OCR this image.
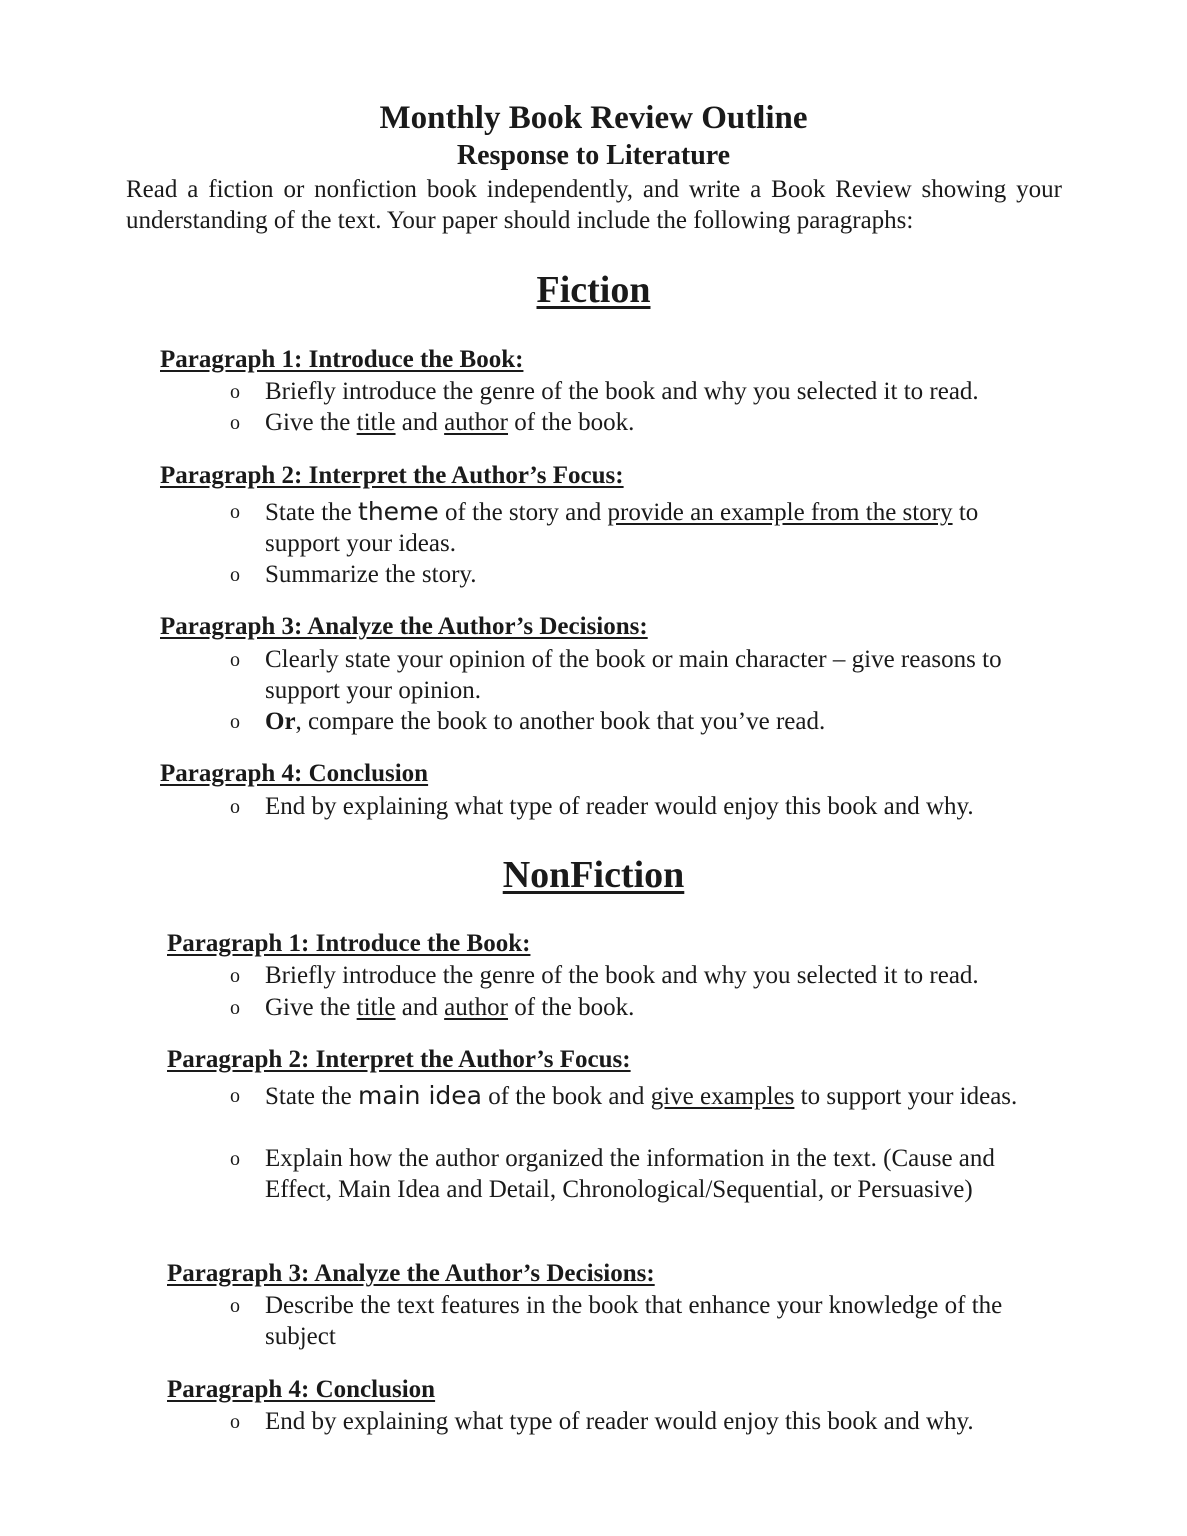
Monthly Book Review Outline
Response to Literature
Read a fiction or nonfiction book independently, and write a Book Review showing your understanding of the text. Your paper should include the following paragraphs:
Fiction
Paragraph 1: Introduce the Book:
o	Briefly introduce the genre of the book and why you selected it to read.
o	Give the title and author of the book.
Paragraph 2: Interpret the Author’s Focus:
o	State the theme of the story and provide an example from the story to support your ideas.
o	Summarize the story.
Paragraph 3: Analyze the Author’s Decisions:
o	Clearly state your opinion of the book or main character – give reasons to support your opinion.
o	Or, compare the book to another book that you’ve read.
Paragraph 4: Conclusion
o	End by explaining what type of reader would enjoy this book and why.
NonFiction
Paragraph 1: Introduce the Book:
o	Briefly introduce the genre of the book and why you selected it to read.
o	Give the title and author of the book.
Paragraph 2: Interpret the Author’s Focus:
o	State the main idea of the book and give examples to support your ideas.
o	Explain how the author organized the information in the text. (Cause and Effect, Main Idea and Detail, Chronological/Sequential, or Persuasive)
Paragraph 3: Analyze the Author’s Decisions:
o	Describe the text features in the book that enhance your knowledge of the subject
Paragraph 4: Conclusion
o	End by explaining what type of reader would enjoy this book and why.
